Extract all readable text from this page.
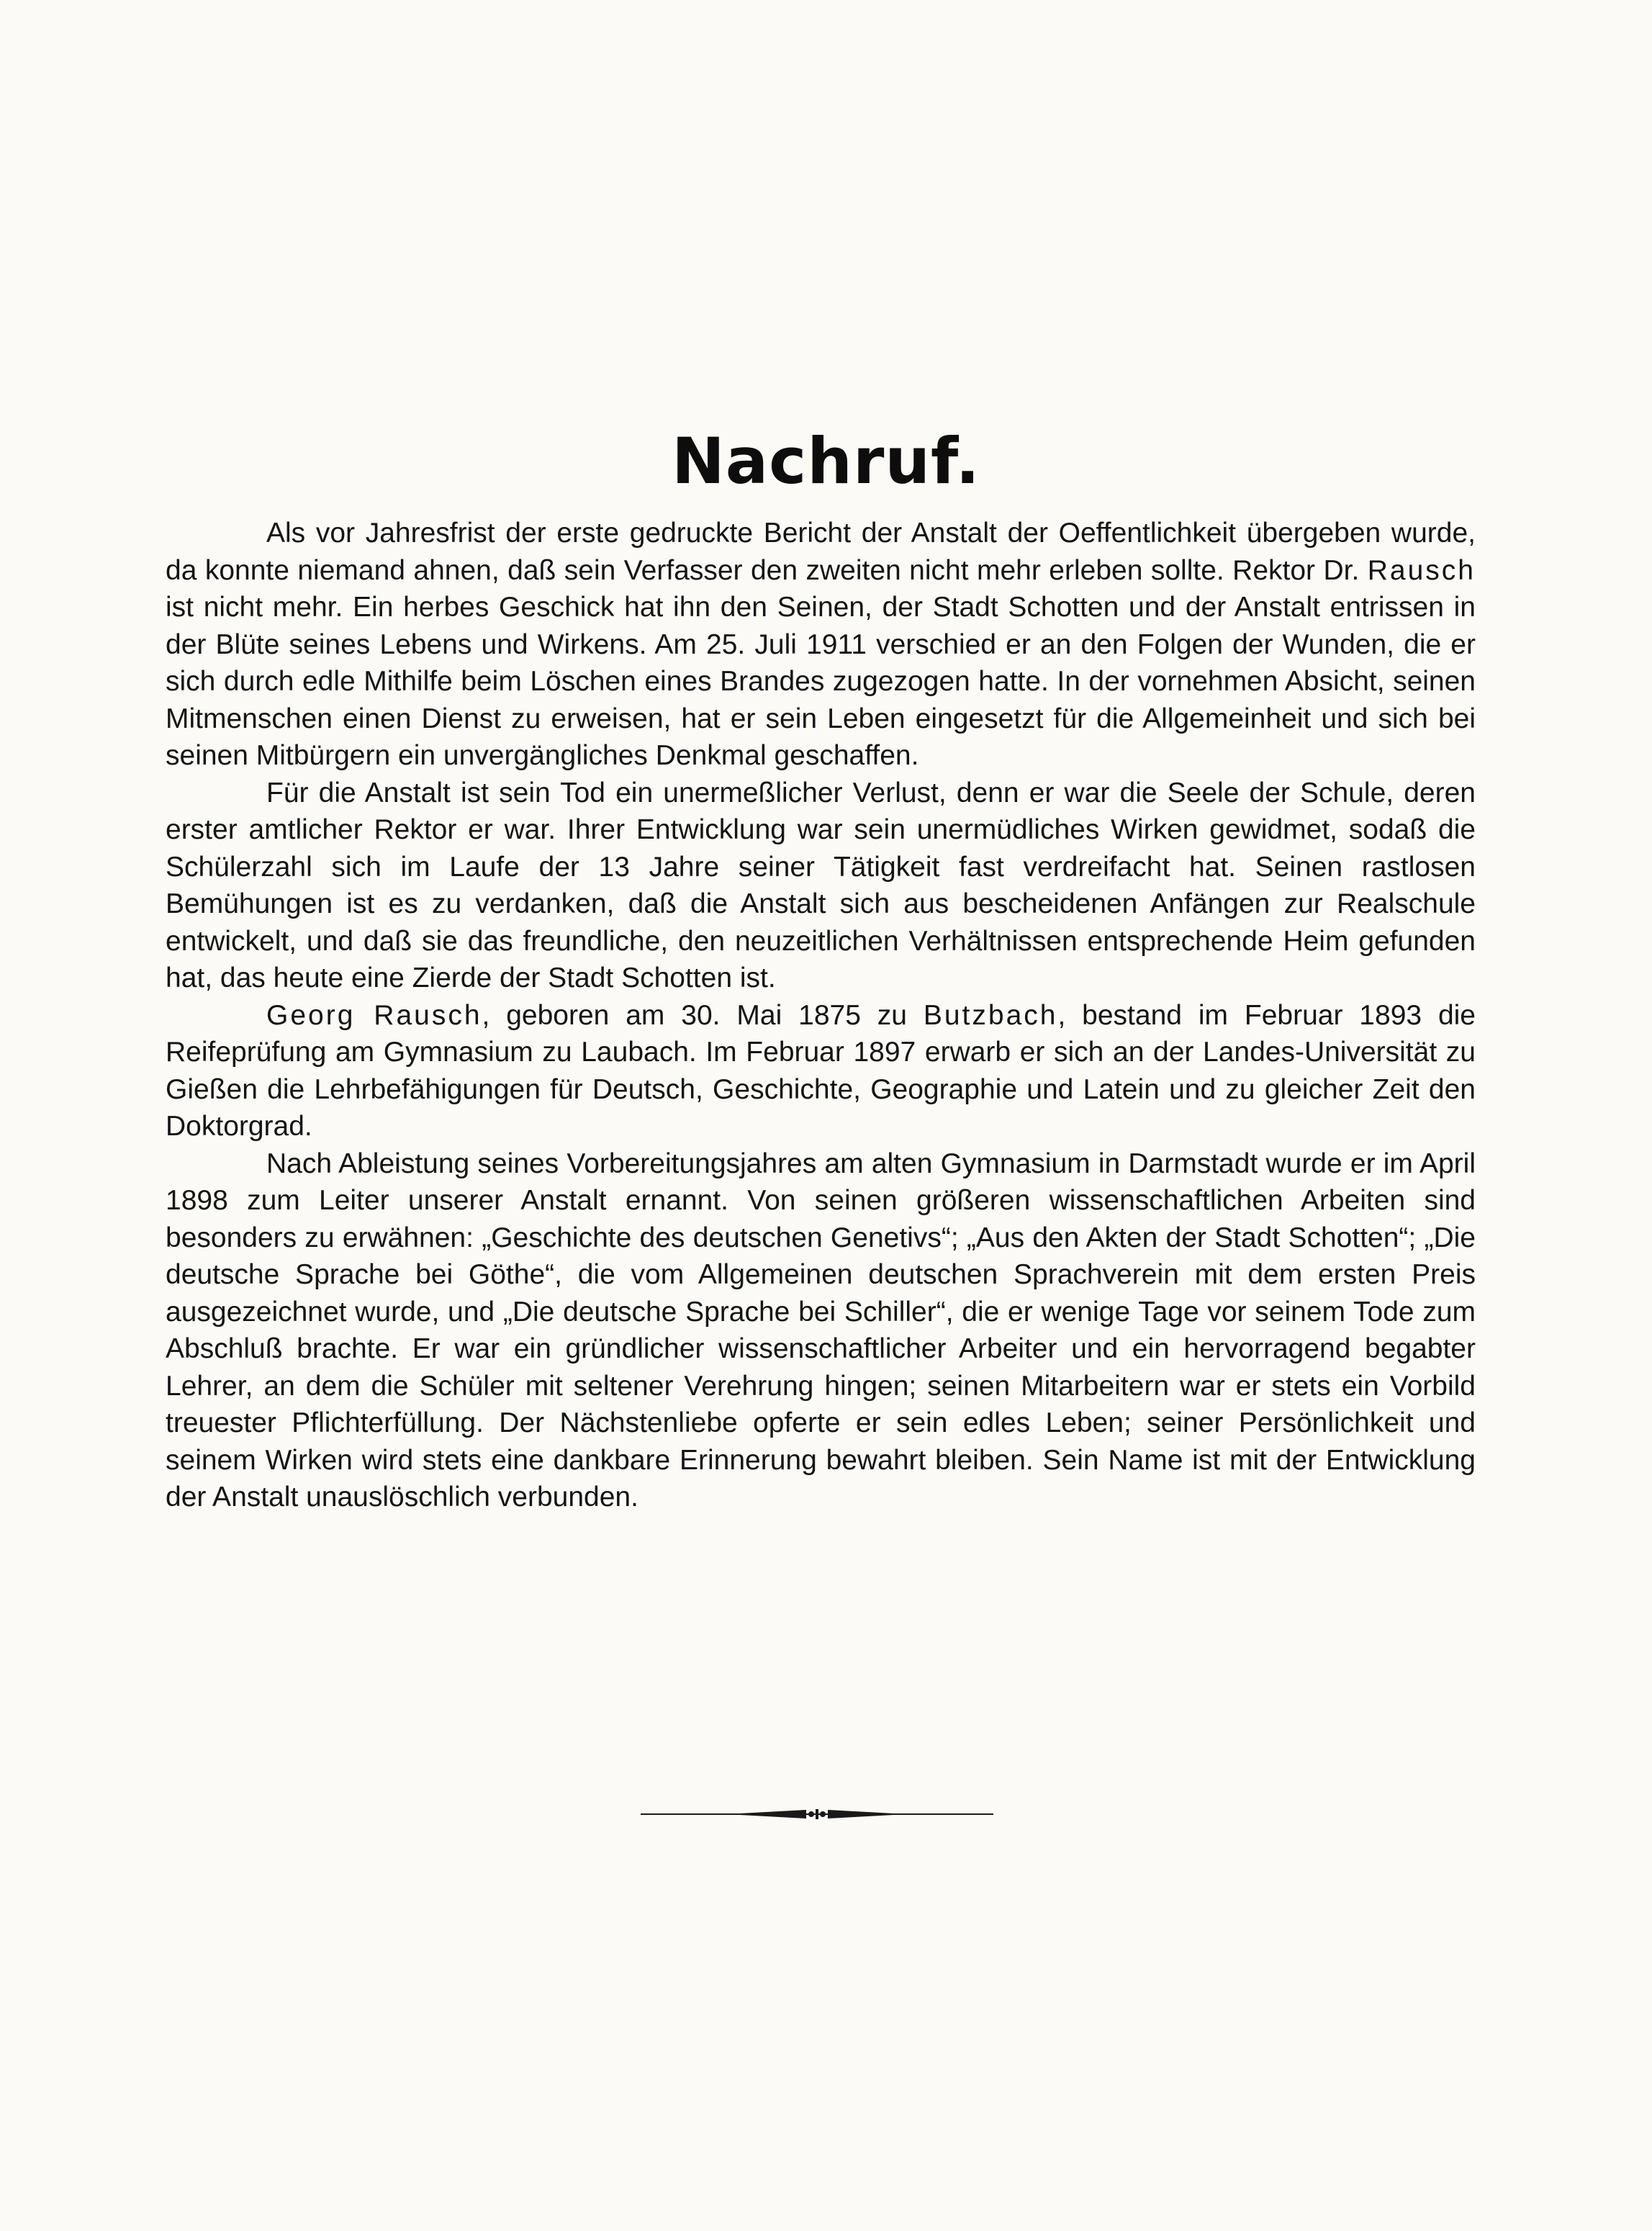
Nachruf.

Als vor Jahresfrist der erste gedruckte Bericht der Anstalt der Oeffentlichkeit übergeben wurde, da konnte niemand ahnen, daß sein Verfasser den zweiten nicht mehr erleben sollte. Rektor Dr. Rausch ist nicht mehr. Ein herbes Geschick hat ihn den Seinen, der Stadt Schotten und der Anstalt entrissen in der Blüte seines Lebens und Wirkens. Am 25. Juli 1911 verschied er an den Folgen der Wunden, die er sich durch edle Mithilfe beim Löschen eines Brandes zugezogen hatte. In der vornehmen Absicht, seinen Mitmenschen einen Dienst zu erweisen, hat er sein Leben eingesetzt für die Allgemeinheit und sich bei seinen Mitbürgern ein unvergängliches Denkmal geschaffen.

Für die Anstalt ist sein Tod ein unermeßlicher Verlust, denn er war die Seele der Schule, deren erster amtlicher Rektor er war. Ihrer Entwicklung war sein unermüdliches Wirken gewidmet, sodaß die Schülerzahl sich im Laufe der 13 Jahre seiner Tätigkeit fast verdreifacht hat. Seinen rastlosen Bemühungen ist es zu verdanken, daß die Anstalt sich aus bescheidenen Anfängen zur Realschule entwickelt, und daß sie das freundliche, den neuzeitlichen Verhältnissen entsprechende Heim gefunden hat, das heute eine Zierde der Stadt Schotten ist.

Georg Rausch, geboren am 30. Mai 1875 zu Butzbach, bestand im Februar 1893 die Reifeprüfung am Gymnasium zu Laubach. Im Februar 1897 erwarb er sich an der Landes-Universität zu Gießen die Lehrbefähigungen für Deutsch, Geschichte, Geographie und Latein und zu gleicher Zeit den Doktorgrad.

Nach Ableistung seines Vorbereitungsjahres am alten Gymnasium in Darmstadt wurde er im April 1898 zum Leiter unserer Anstalt ernannt. Von seinen größeren wissenschaftlichen Arbeiten sind besonders zu erwähnen: „Geschichte des deutschen Genetivs“; „Aus den Akten der Stadt Schotten“; „Die deutsche Sprache bei Göthe“, die vom Allgemeinen deutschen Sprachverein mit dem ersten Preis ausgezeichnet wurde, und „Die deutsche Sprache bei Schiller“, die er wenige Tage vor seinem Tode zum Abschluß brachte. Er war ein gründlicher wissenschaftlicher Arbeiter und ein hervorragend begabter Lehrer, an dem die Schüler mit seltener Verehrung hingen; seinen Mitarbeitern war er stets ein Vorbild treuester Pflichterfüllung. Der Nächstenliebe opferte er sein edles Leben; seiner Persönlichkeit und seinem Wirken wird stets eine dankbare Erinnerung bewahrt bleiben. Sein Name ist mit der Entwicklung der Anstalt unauslöschlich verbunden.
